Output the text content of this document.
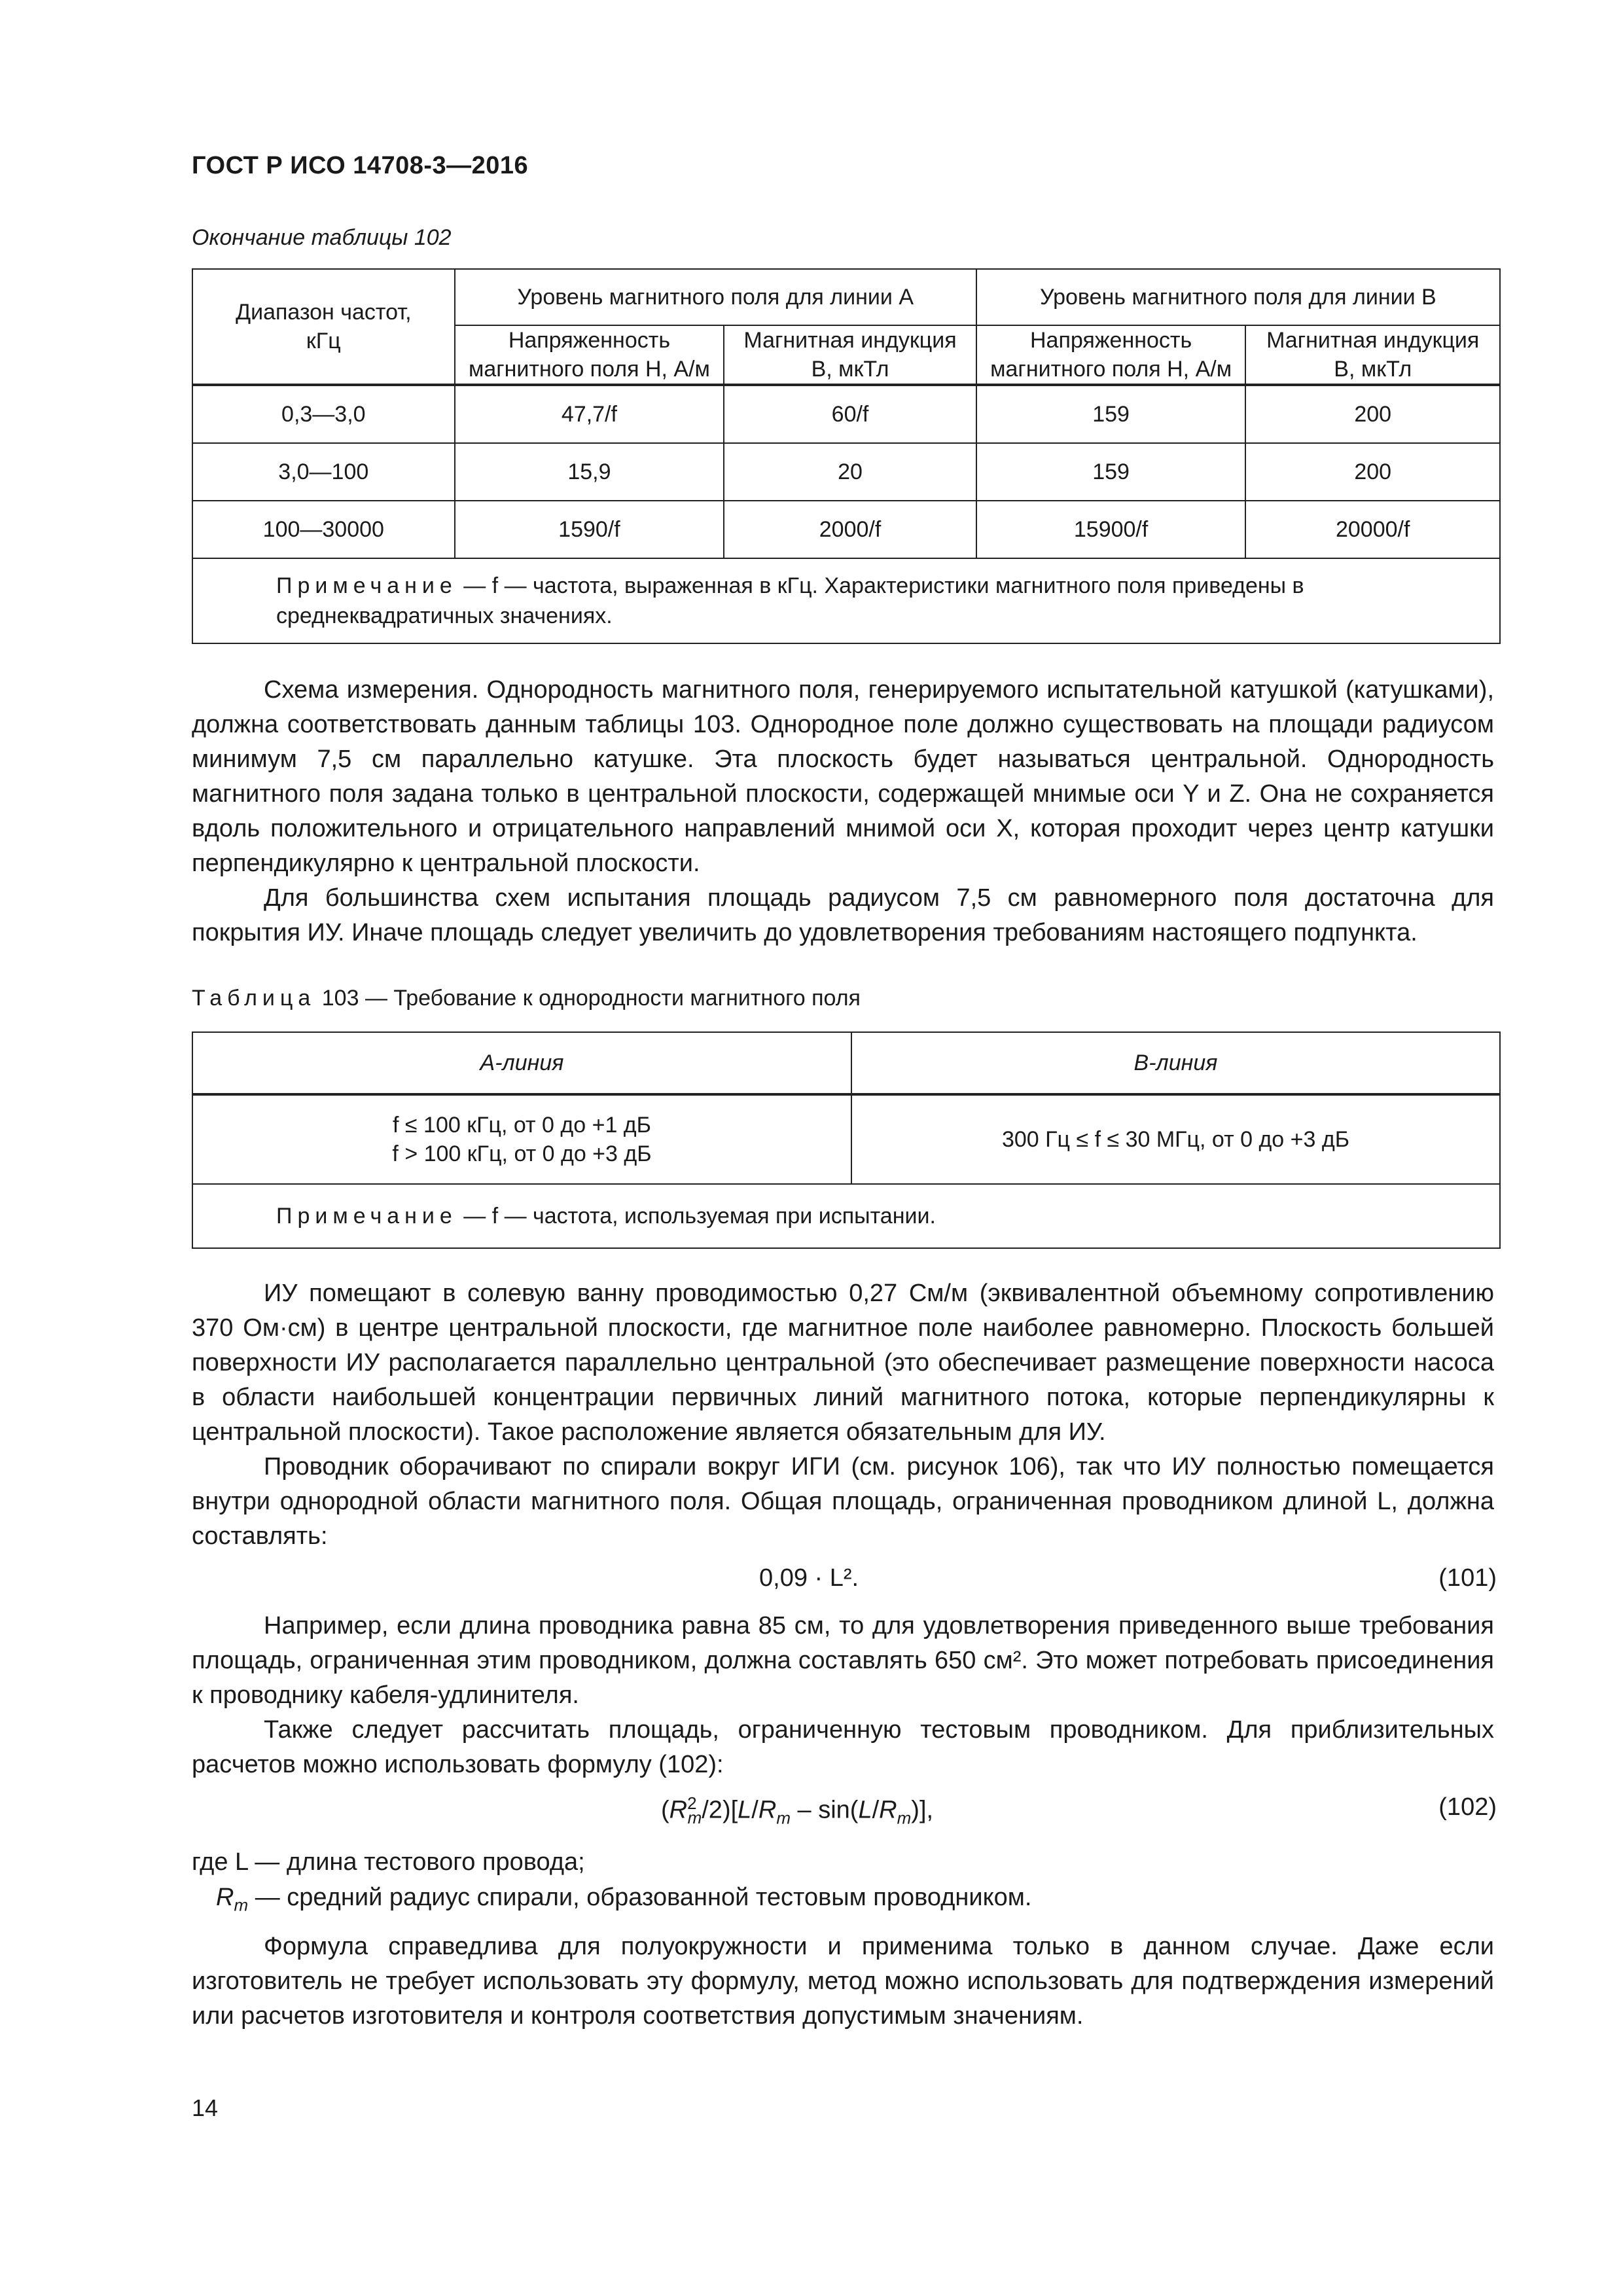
ГОСТ Р ИСО 14708-3—2016
Окончание таблицы 102
Диапазон частот, кГц	Уровень магнитного поля для линии A		Уровень магнитного поля для линии B	
	Напряженность магнитного поля H, А/м	Магнитная индукция B, мкТл	Напряженность магнитного поля H, А/м	Магнитная индукция B, мкТл
0,3—3,0	47,7/f	60/f	159	200
3,0—100	15,9	20	159	200
100—30000	1590/f	2000/f	15900/f	20000/f
Примечание — f — частота, выраженная в кГц. Характеристики магнитного поля приведены в среднеквадратичных значениях.				

Схема измерения. Однородность магнитного поля, генерируемого испытательной катушкой (катушками), должна соответствовать данным таблицы 103. Однородное поле должно существовать на площади радиусом минимум 7,5 см параллельно катушке. Эта плоскость будет называться центральной. Однородность магнитного поля задана только в центральной плоскости, содержащей мнимые оси Y и Z. Она не сохраняется вдоль положительного и отрицательного направлений мнимой оси X, которая проходит через центр катушки перпендикулярно к центральной плоскости.

Для большинства схем испытания площадь радиусом 7,5 см равномерного поля достаточна для покрытия ИУ. Иначе площадь следует увеличить до удовлетворения требованиям настоящего подпункта.

Таблица 103 — Требование к однородности магнитного поля
A-линия	B-линия

f ≤ 100 кГц, от 0 до +1 дБ
f > 100 кГц, от 0 до +3 дБ	300 Гц ≤ f ≤ 30 МГц, от 0 до +3 дБ
Примечание — f — частота, используемая при испытании.	

ИУ помещают в солевую ванну проводимостью 0,27 См/м (эквивалентной объемному сопротивлению 370 Ом·см) в центре центральной плоскости, где магнитное поле наиболее равномерно. Плоскость большей поверхности ИУ располагается параллельно центральной (это обеспечивает размещение поверхности насоса в области наибольшей концентрации первичных линий магнитного потока, которые перпендикулярны к центральной плоскости). Такое расположение является обязательным для ИУ.

Проводник оборачивают по спирали вокруг ИГИ (см. рисунок 106), так что ИУ полностью помещается внутри однородной области магнитного поля. Общая площадь, ограниченная проводником длиной L, должна составлять:

0,09 · L².	(101)

Например, если длина проводника равна 85 см, то для удовлетворения приведенного выше требования площадь, ограниченная этим проводником, должна составлять 650 см². Это может потребовать присоединения к проводнику кабеля-удлинителя.

Также следует рассчитать площадь, ограниченную тестовым проводником. Для приблизительных расчетов можно использовать формулу (102):

$(R^2_m/2)[L/R_m - \sin(L/R_m)]$,	(102)
где L — длина тестового провода;
$R_m$ — средний радиус спирали, образованной тестовым проводником.

Формула справедлива для полуокружности и применима только в данном случае. Даже если изготовитель не требует использовать эту формулу, метод можно использовать для подтверждения измерений или расчетов изготовителя и контроля соответствия допустимым значениям.

14
